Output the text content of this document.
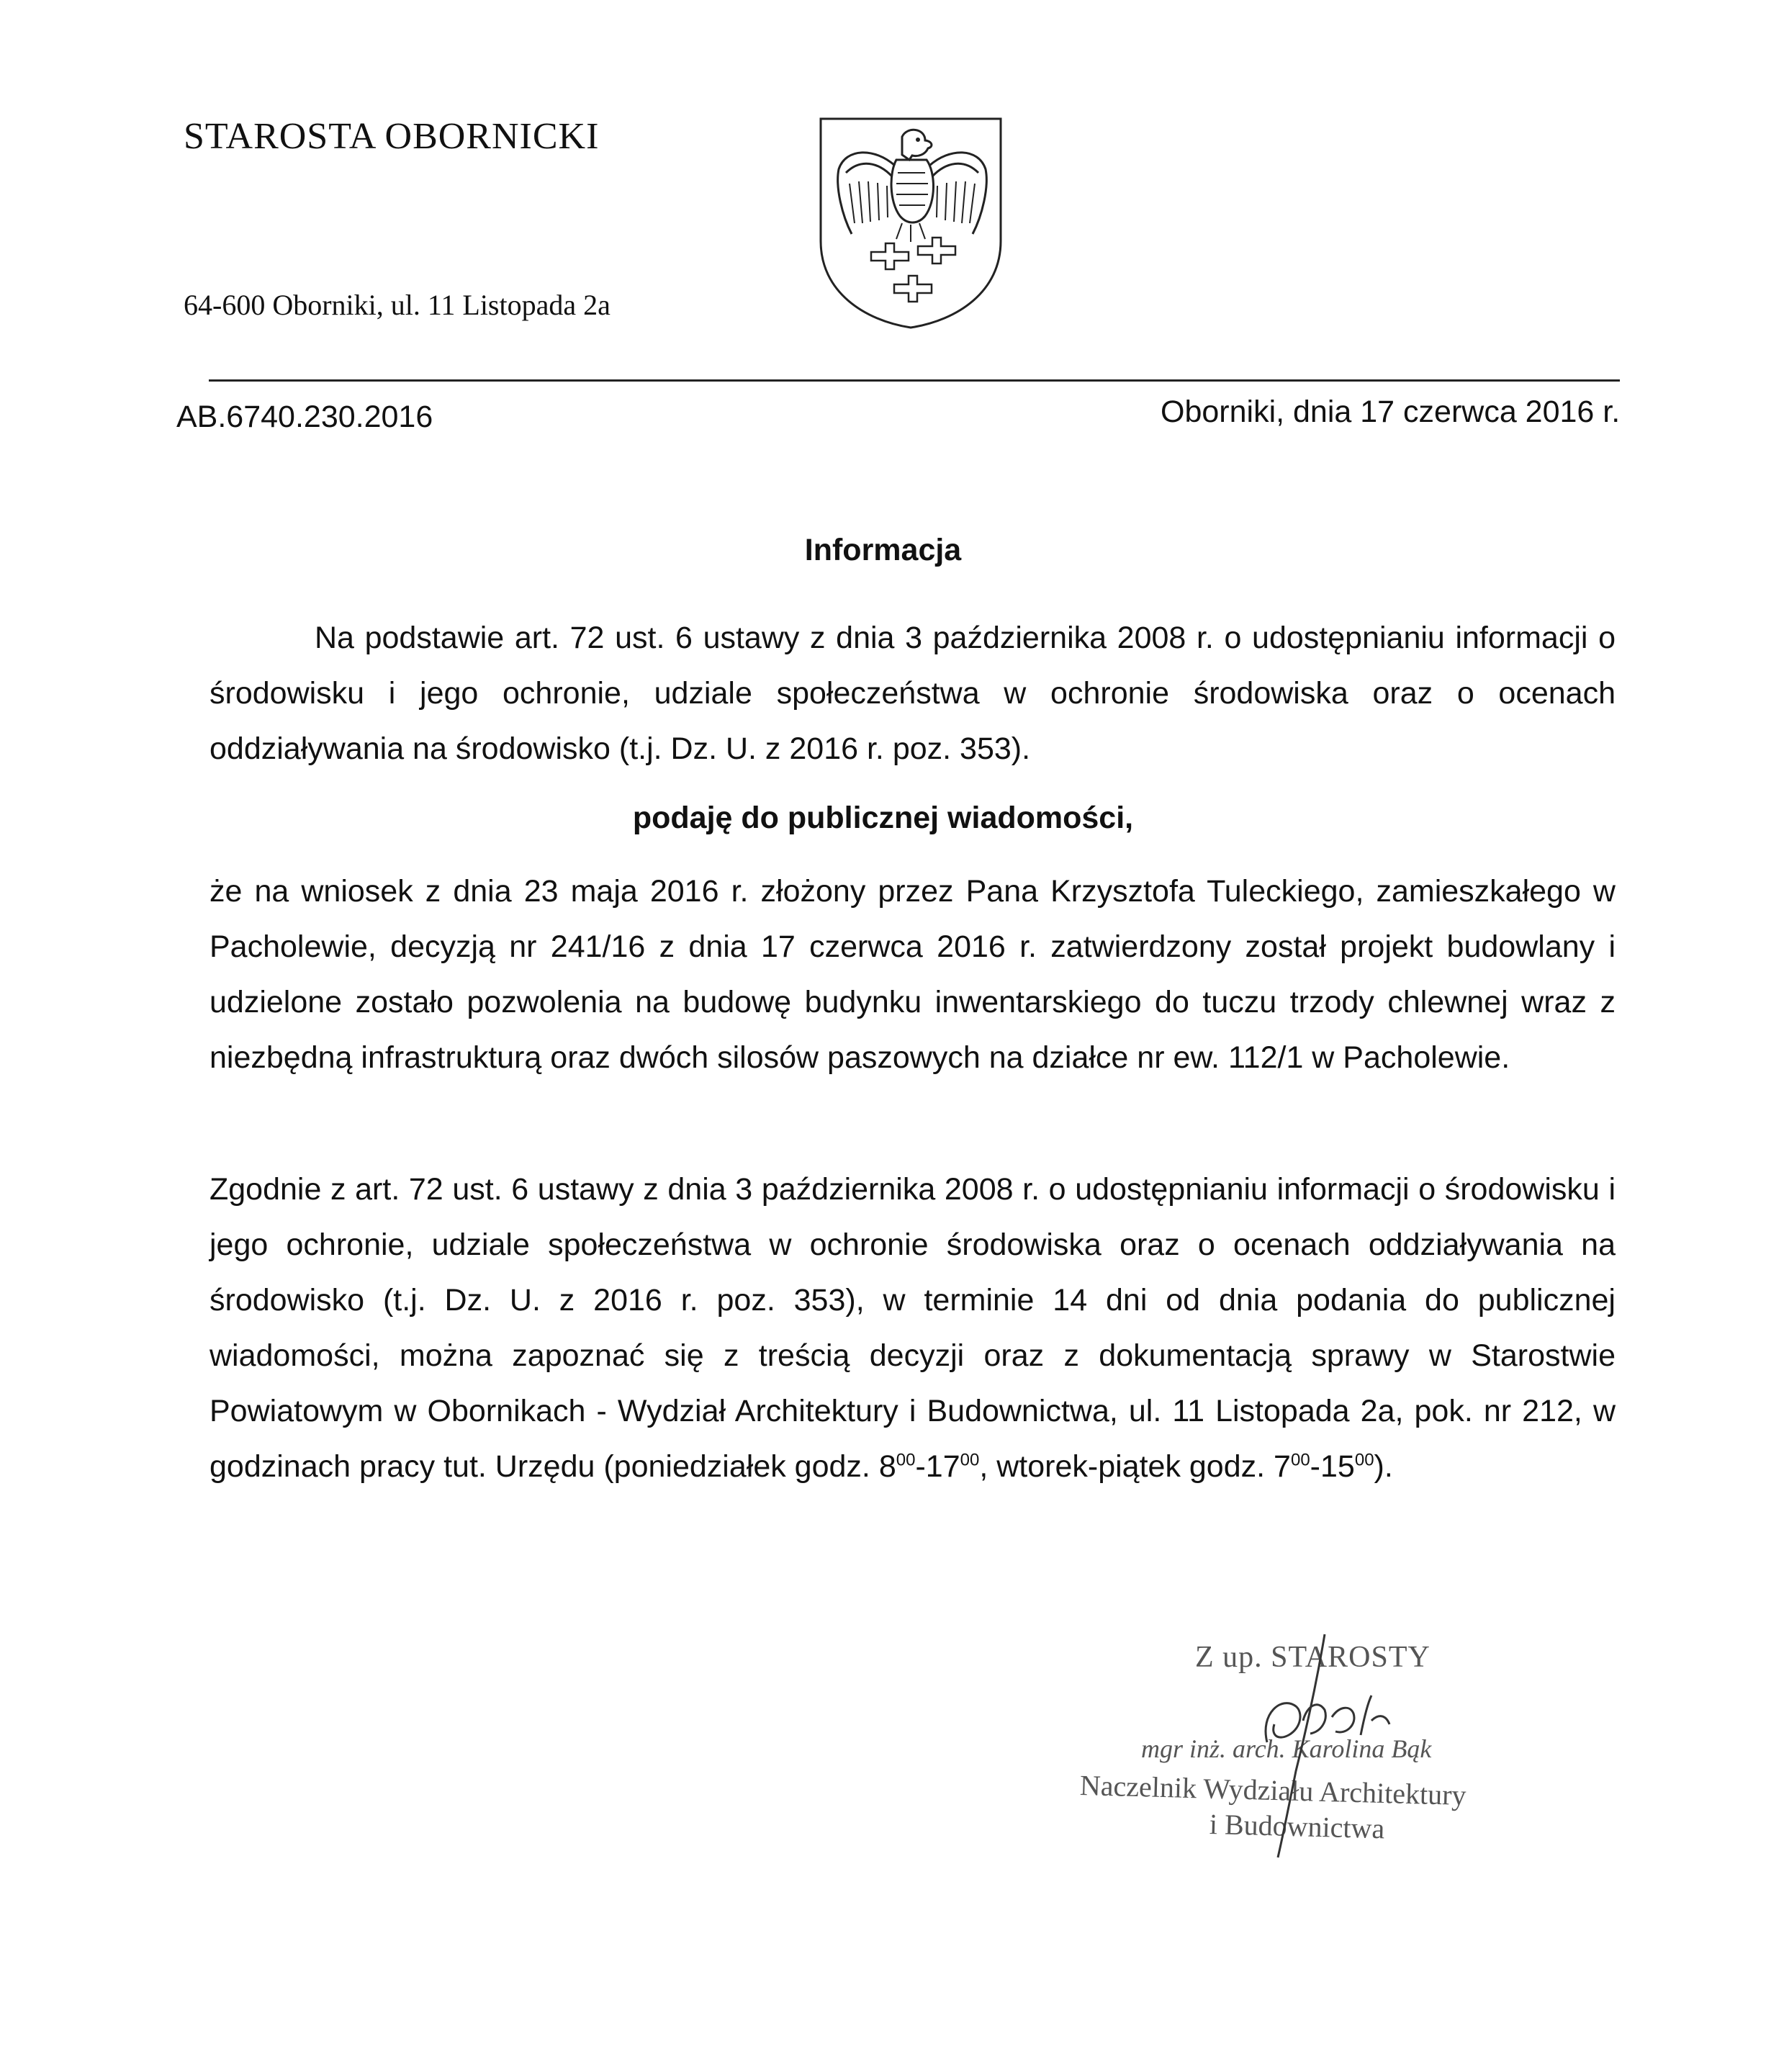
STAROSTA OBORNICKI
64-600 Oborniki, ul. 11 Listopada 2a
AB.6740.230.2016	Oborniki, dnia 17 czerwca 2016 r.
Informacja
Na podstawie art. 72 ust. 6 ustawy z dnia 3 października 2008 r. o udostępnianiu informacji o środowisku i jego ochronie, udziale społeczeństwa w ochronie środowiska oraz o ocenach oddziaływania na środowisko (t.j. Dz. U. z 2016 r. poz. 353).
podaję do publicznej wiadomości,
że na wniosek z dnia 23 maja 2016 r. złożony przez Pana Krzysztofa Tuleckiego, zamieszkałego w Pacholewie, decyzją nr 241/16 z dnia 17 czerwca 2016 r. zatwierdzony został projekt budowlany i udzielone zostało pozwolenia na budowę budynku inwentarskiego do tuczu trzody chlewnej wraz z niezbędną infrastrukturą oraz dwóch silosów paszowych na działce nr ew. 112/1 w Pacholewie.
Zgodnie z art. 72 ust. 6 ustawy z dnia 3 października 2008 r. o udostępnianiu informacji o środowisku i jego ochronie, udziale społeczeństwa w ochronie środowiska oraz o ocenach oddziaływania na środowisko (t.j. Dz. U. z 2016 r. poz. 353), w terminie 14 dni od dnia podania do publicznej wiadomości, można zapoznać się z treścią decyzji oraz z dokumentacją sprawy w Starostwie Powiatowym w Obornikach - Wydział Architektury i Budownictwa, ul. 11 Listopada 2a, pok. nr 212, w godzinach pracy tut. Urzędu (poniedziałek godz. $8^{00}-17^{00}$, wtorek-piątek godz. $7^{00}-15^{00}$).
Z up. STAROSTY
mgr inż. arch. Karolina Bąk
Naczelnik Wydziału Architektury
i Budownictwa
